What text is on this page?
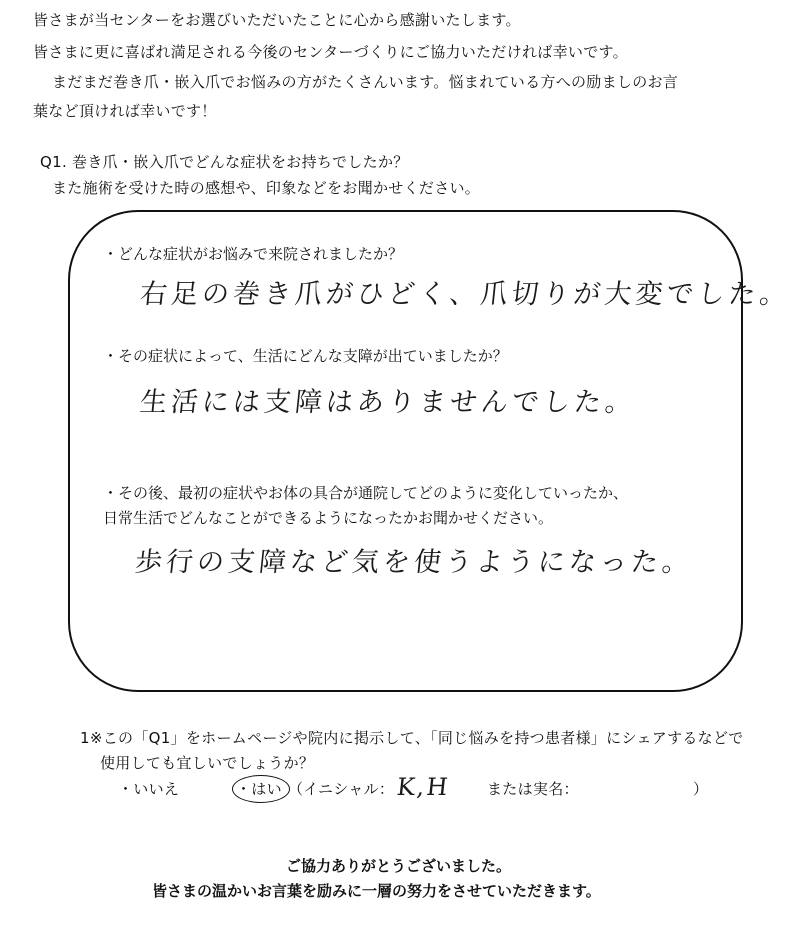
皆さまが当センターをお選びいただいたことに心から感謝いたします。
皆さまに更に喜ばれ満足される今後のセンターづくりにご協力いただければ幸いです。
まだまだ巻き爪・嵌入爪でお悩みの方がたくさんいます。悩まれている方への励ましのお言
葉など頂ければ幸いです！
Q1. 巻き爪・嵌入爪でどんな症状をお持ちでしたか？
また施術を受けた時の感想や、印象などをお聞かせください。
・どんな症状がお悩みで来院されましたか？
右足の巻き爪がひどく、爪切りが大変でした。
・その症状によって、生活にどんな支障が出ていましたか？
生活には支障はありませんでした。
・その後、最初の症状やお体の具合が通院してどのように変化していったか、
日常生活でどんなことができるようになったかお聞かせください。
歩行の支障など気を使うようになった。
1※この「Q1」をホームページや院内に掲示して、「同じ悩みを持つ患者様」にシェアするなどで
使用しても宜しいでしょうか？
・いいえ	・はい （イニシャル： K,H または実名：	）
ご協力ありがとうございました。
皆さまの温かいお言葉を励みに一層の努力をさせていただきます。
